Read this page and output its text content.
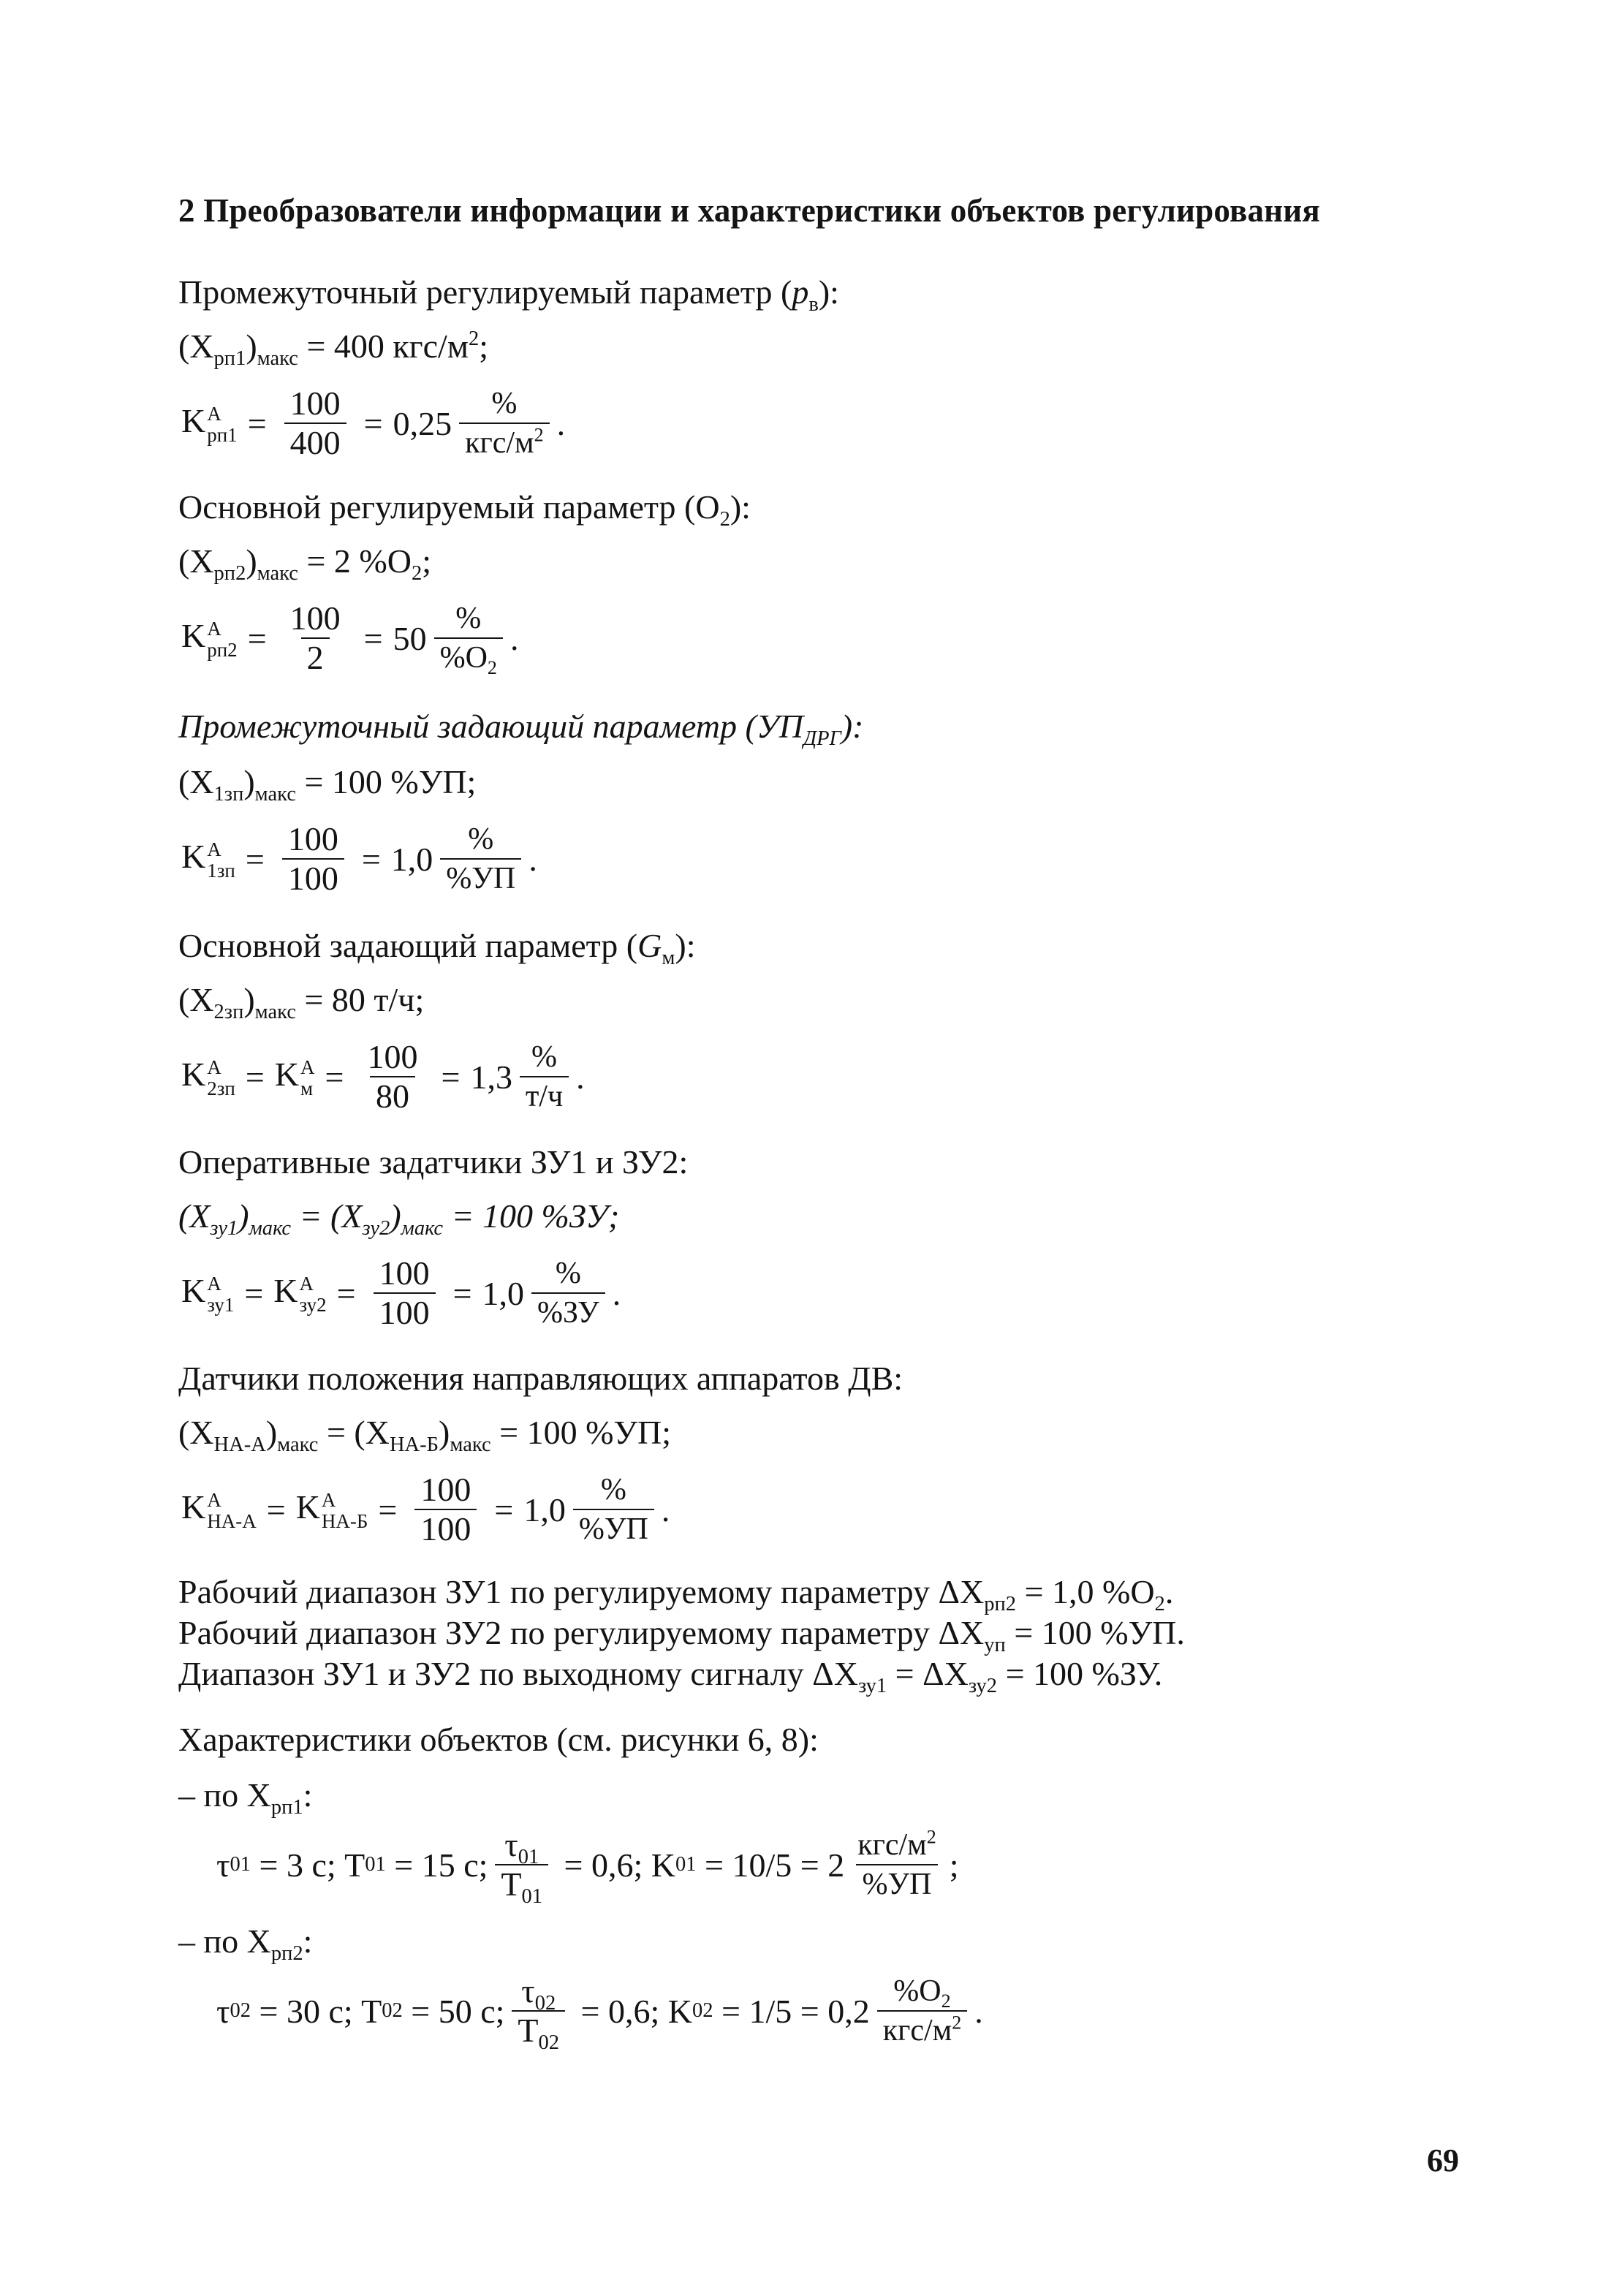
2 Преобразователи информации и характеристики объектов регулирования
Промежуточный регулируемый параметр $(p_в)$:
$(X_{рп1})_{макс} = 400$ кгс/$м^2$;
K A
$рп1 = \frac{100}{400} = 0,25 \frac{\%}{кгс/м^2}$ .
Основной регулируемый параметр $(O_2)$:
$(X_{рп2})_{макс} = 2$ $\%O_2$;
K A
$рп2 = \frac{100}{2} = 50 \frac{\%}{\%O_2}$ .
Промежуточный задающий параметр $(УП_{ДРГ})$:
$(X_{1зп})_{макс} = 100$ %УП;
K A
$1зп = \frac{100}{100} = 1,0 \frac{\%}{\%УП}$ .
Основной задающий параметр $(G_м)$:
$(X_{2зп})_{макс} = 80$ т/ч;
K A
2зп = K A
$м = \frac{100}{80} = 1,3 \frac{\%}{т/ч}$ .
Оперативные задатчики ЗУ1 и ЗУ2:
$(X_{зу1})_{макс} = (X_{зу2})_{макс} = 100$ %ЗУ;
K A
зу1 = K A
$зу2 = \frac{100}{100} = 1,0 \frac{\%}{\%ЗУ}$ .
Датчики положения направляющих аппаратов ДВ:
$(X_{НА-А})_{макс} = (X_{НА-Б})_{макс} = 100$ %УП;
K A
НА-А = K A
$НА-Б = \frac{100}{100} = 1,0 \frac{\%}{\%УП}$ .
Рабочий диапазон ЗУ1 по регулируемому параметру $\Delta X_{рп2} = 1,0$ $\%O_2$.
Рабочий диапазон ЗУ2 по регулируемому параметру $\Delta X_{уп} = 100$ %УП.
Диапазон ЗУ1 и ЗУ2 по выходному сигналу $\Delta X_{зу1} = \Delta X_{зу2} = 100$ %ЗУ.
Характеристики объектов (см. рисунки 6, 8):
– по $X_{рп1}$:
τ 01 = 3 с; T 01 = 15 с; $\frac{\tau_{01}}{T_{01}} = 0,6$; K $01 = 10/5 = 2 \frac{кгс/м^2}{\%УП}$ ;
– по $X_{рп2}$:
τ 02 = 30 с; T 02 = 50 с; $\frac{\tau_{02}}{T_{02}} = 0,6$; K $02 = 1/5 = 0,2 \frac{\%O_2}{кгс/м^2}$ .
69
